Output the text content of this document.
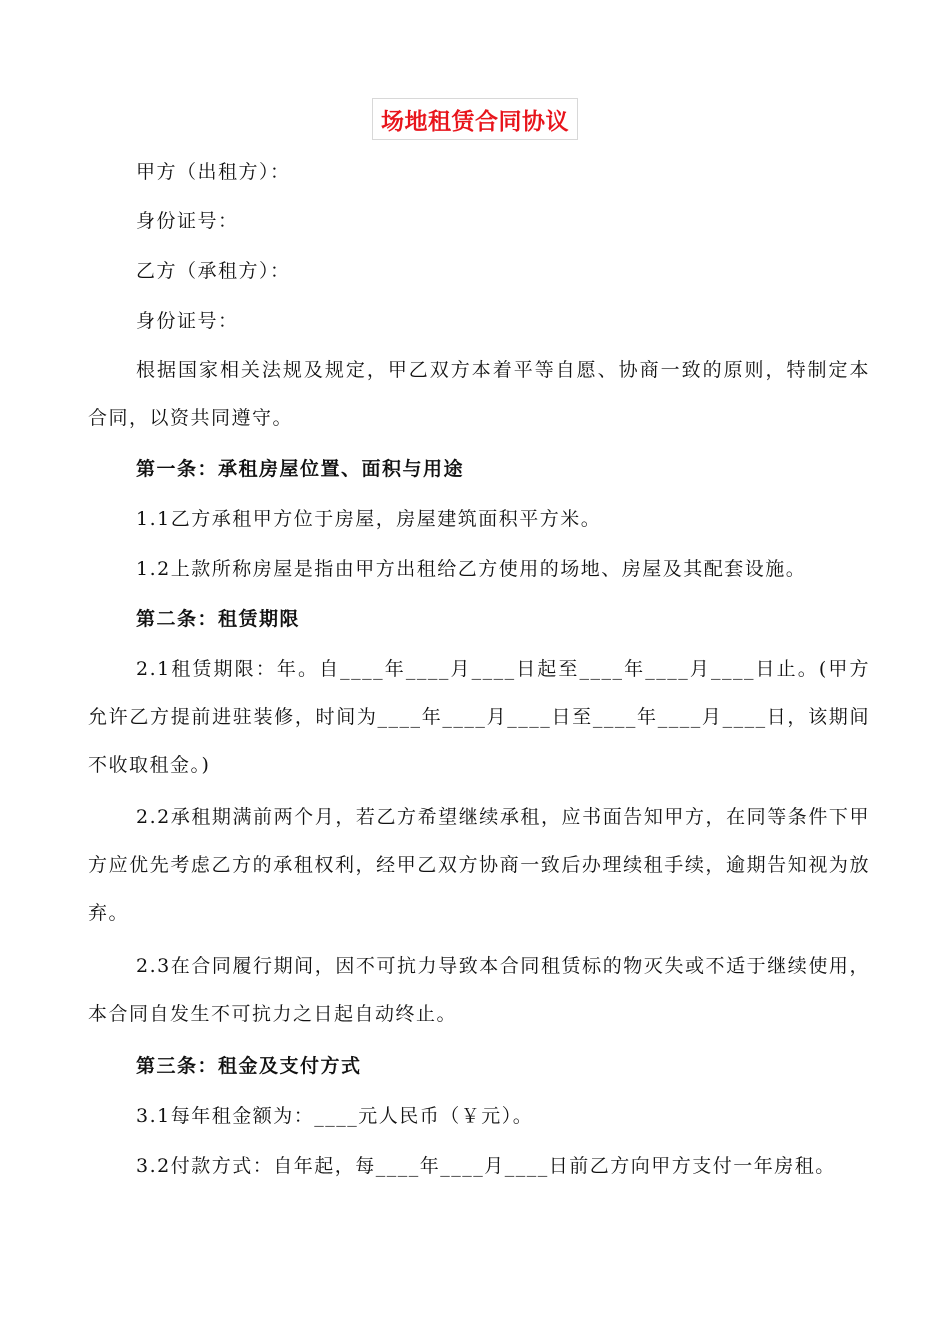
场地租赁合同协议

甲方（出租方）：

身份证号：

乙方（承租方）：

身份证号：

根据国家相关法规及规定，甲乙双方本着平等自愿、协商一致的原则，特制定本合同，以资共同遵守。

第一条：承租房屋位置、面积与用途

1.1乙方承租甲方位于房屋，房屋建筑面积平方米。

1.2上款所称房屋是指由甲方出租给乙方使用的场地、房屋及其配套设施。

第二条：租赁期限

2.1租赁期限：年。自____年____月____日起至____年____月____日止。(甲方允许乙方提前进驻装修，时间为____年____月____日至____年____月____日，该期间不收取租金。)

2.2承租期满前两个月，若乙方希望继续承租，应书面告知甲方，在同等条件下甲方应优先考虑乙方的承租权利，经甲乙双方协商一致后办理续租手续，逾期告知视为放弃。

2.3在合同履行期间，因不可抗力导致本合同租赁标的物灭失或不适于继续使用，本合同自发生不可抗力之日起自动终止。

第三条：租金及支付方式

3.1每年租金额为：____元人民币（￥元）。

3.2付款方式：自年起，每____年____月____日前乙方向甲方支付一年房租。
